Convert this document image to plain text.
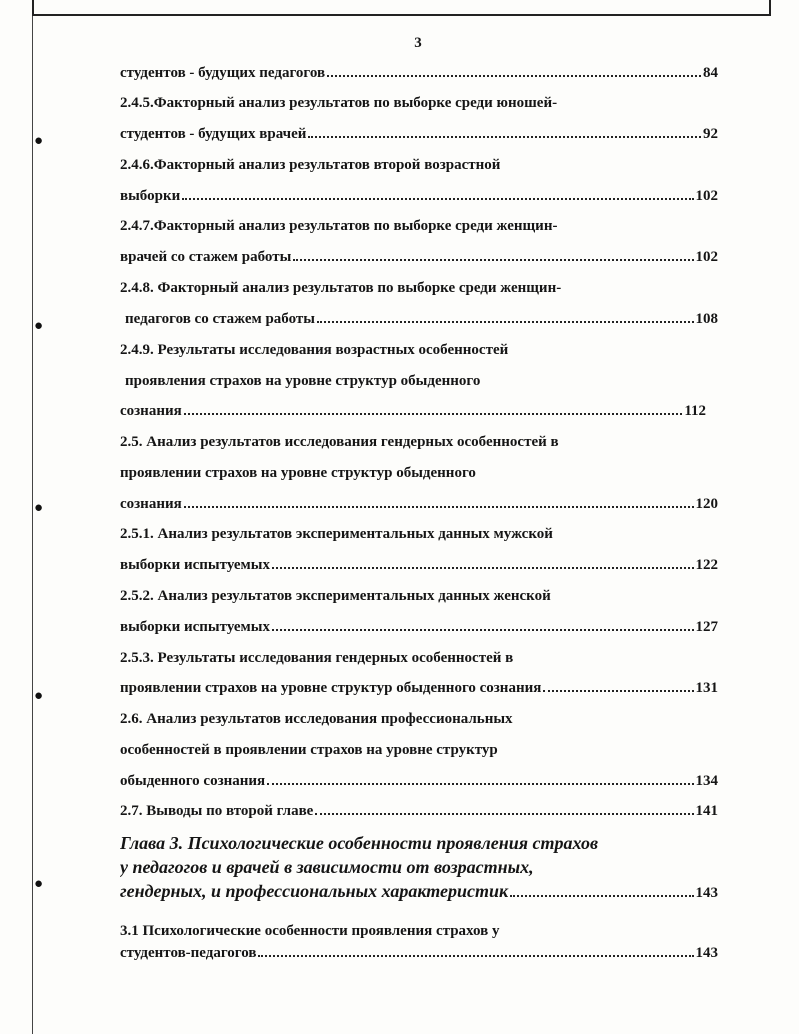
●
●
●
●
●
3
студентов - будущих педагогов	84
2.4.5.Факторный анализ результатов по выборке среди юношей-
студентов - будущих врачей	92
2.4.6.Факторный анализ результатов второй возрастной
выборки	102
2.4.7.Факторный анализ результатов по выборке среди женщин-
врачей со стажем работы	102
2.4.8. Факторный анализ результатов по выборке среди женщин-
педагогов со стажем работы	108
2.4.9. Результаты исследования возрастных особенностей
проявления страхов на уровне структур обыденного
сознания	112
2.5. Анализ результатов исследования гендерных особенностей в
проявлении страхов на уровне структур обыденного
сознания	120
2.5.1. Анализ результатов экспериментальных данных мужской
выборки испытуемых	122
2.5.2. Анализ результатов экспериментальных данных женской
выборки испытуемых	127
2.5.3. Результаты исследования гендерных особенностей в
проявлении страхов на уровне структур обыденного сознания	131
2.6. Анализ результатов исследования профессиональных
особенностей в проявлении страхов на уровне структур
обыденного сознания	134
2.7. Выводы по второй главе	141
Глава 3. Психологические особенности проявления страхов
у педагогов и врачей в зависимости от возрастных,
гендерных, и профессиональных характеристик	143
3.1 Психологические особенности проявления страхов у
студентов-педагогов	143
